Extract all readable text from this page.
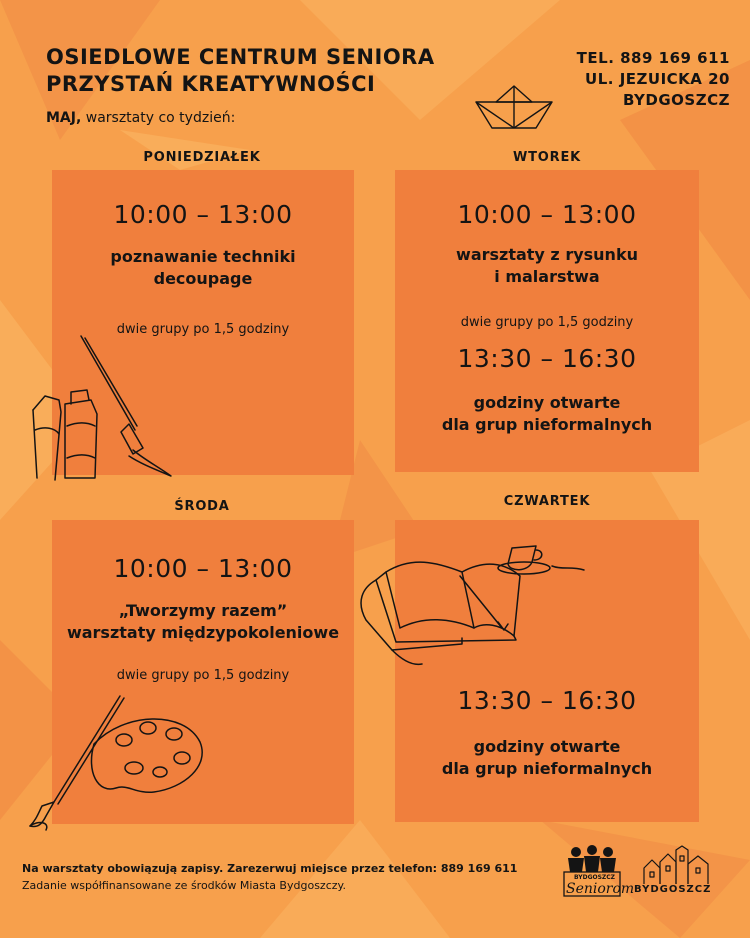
OSIEDLOWE CENTRUM SENIORA
PRZYSTAŃ KREATYWNOŚCI
MAJ, warsztaty co tydzień:
TEL. 889 169 611
UL. JEZUICKA 20
BYDGOSZCZ
PONIEDZIAŁEK	WTOREK
ŚRODA	CZWARTEK
10:00 – 13:00
poznawanie techniki
decoupage
dwie grupy po 1,5 godziny
10:00 – 13:00
warsztaty z rysunku
i malarstwa
dwie grupy po 1,5 godziny
13:30 – 16:30
godziny otwarte
dla grup nieformalnych
10:00 – 13:00
„Tworzymy razem”
warsztaty międzypokoleniowe
dwie grupy po 1,5 godziny
13:30 – 16:30
godziny otwarte
dla grup nieformalnych
Na warsztaty obowiązują zapisy. Zarezerwuj miejsce przez telefon: 889 169 611
Zadanie współfinansowane ze środków Miasta Bydgoszczy.
BYDGOSZCZ
Seniorom BYDGOSZCZ
